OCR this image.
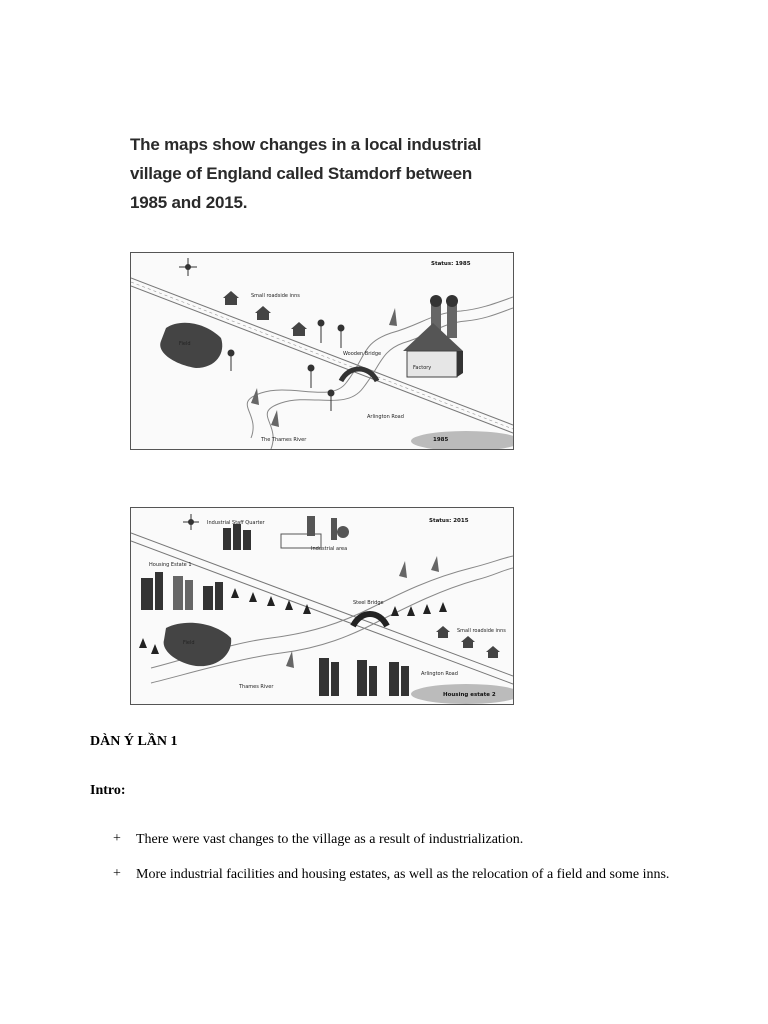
The maps show changes in a local industrial
village of England called Stamdorf between
1985 and 2015.
Status: 1985
Small roadside inns
Field
Wooden Bridge
Factory
Arlington Road
The Thames River	1985
Status: 2015
Industrial Staff Quarter
Industrial area
Housing Estate 1
Steel Bridge
Small roadside inns
Field
Arlington Road
Thames River
Housing estate 2
DÀN Ý LẦN 1
Intro:
+ There were vast changes to the village as a result of industrialization.
+ More industrial facilities and housing estates, as well as the relocation of a field and some inns.
